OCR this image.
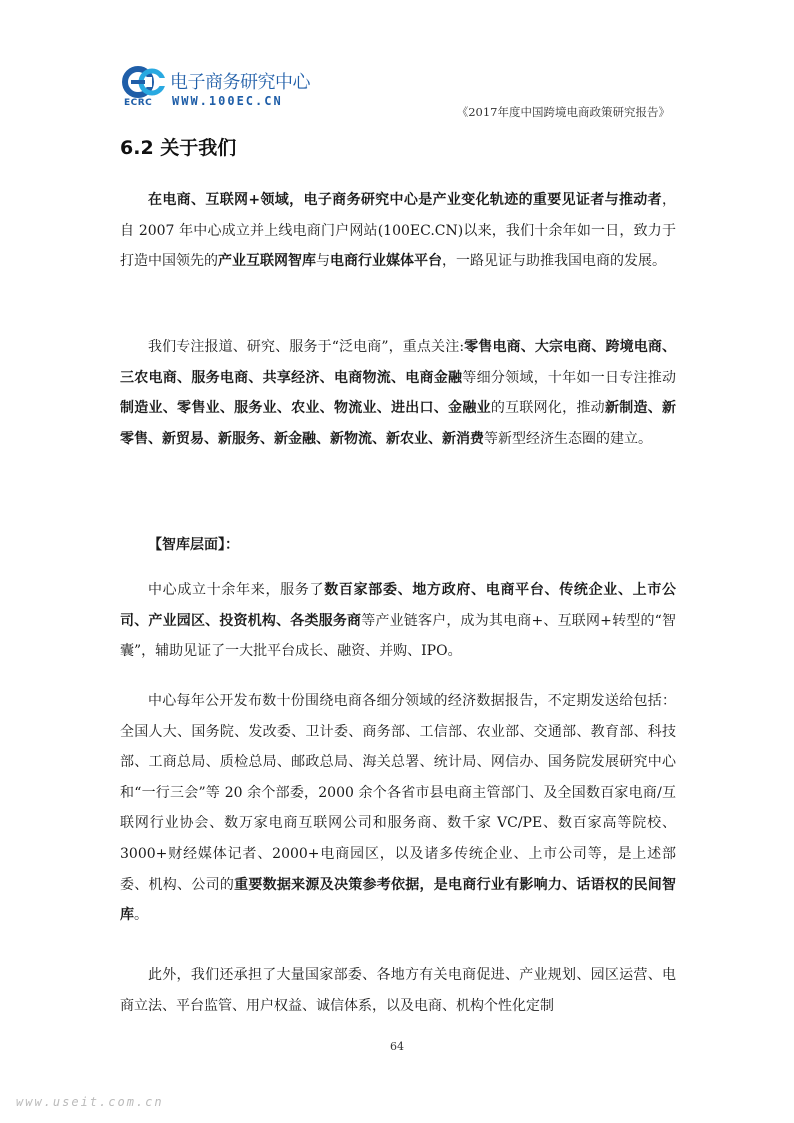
ECRC
电子商务研究中心
WWW.100EC.CN
《2017年度中国跨境电商政策研究报告》
6.2 关于我们

在电商、互联网+领域，电子商务研究中心是产业变化轨迹的重要见证者与推动者，自 2007 年中心成立并上线电商门户网站(100EC.CN)以来，我们十余年如一日，致力于打造中国领先的产业互联网智库与电商行业媒体平台，一路见证与助推我国电商的发展。

我们专注报道、研究、服务于“泛电商”，重点关注:零售电商、大宗电商、跨境电商、三农电商、服务电商、共享经济、电商物流、电商金融等细分领域，十年如一日专注推动制造业、零售业、服务业、农业、物流业、进出口、金融业的互联网化，推动新制造、新零售、新贸易、新服务、新金融、新物流、新农业、新消费等新型经济生态圈的建立。

【智库层面】：

中心成立十余年来，服务了数百家部委、地方政府、电商平台、传统企业、上市公司、产业园区、投资机构、各类服务商等产业链客户，成为其电商+、互联网+转型的“智囊”，辅助见证了一大批平台成长、融资、并购、IPO。

中心每年公开发布数十份围绕电商各细分领域的经济数据报告，不定期发送给包括：全国人大、国务院、发改委、卫计委、商务部、工信部、农业部、交通部、教育部、科技部、工商总局、质检总局、邮政总局、海关总署、统计局、网信办、国务院发展研究中心和“一行三会”等 20 余个部委，2000 余个各省市县电商主管部门、及全国数百家电商/互联网行业协会、数万家电商互联网公司和服务商、数千家 VC/PE、数百家高等院校、3000+财经媒体记者、2000+电商园区，以及诸多传统企业、上市公司等，是上述部委、机构、公司的重要数据来源及决策参考依据，是电商行业有影响力、话语权的民间智库。

此外，我们还承担了大量国家部委、各地方有关电商促进、产业规划、园区运营、电商立法、平台监管、用户权益、诚信体系，以及电商、机构个性化定制

64
www.useit.com.cn
